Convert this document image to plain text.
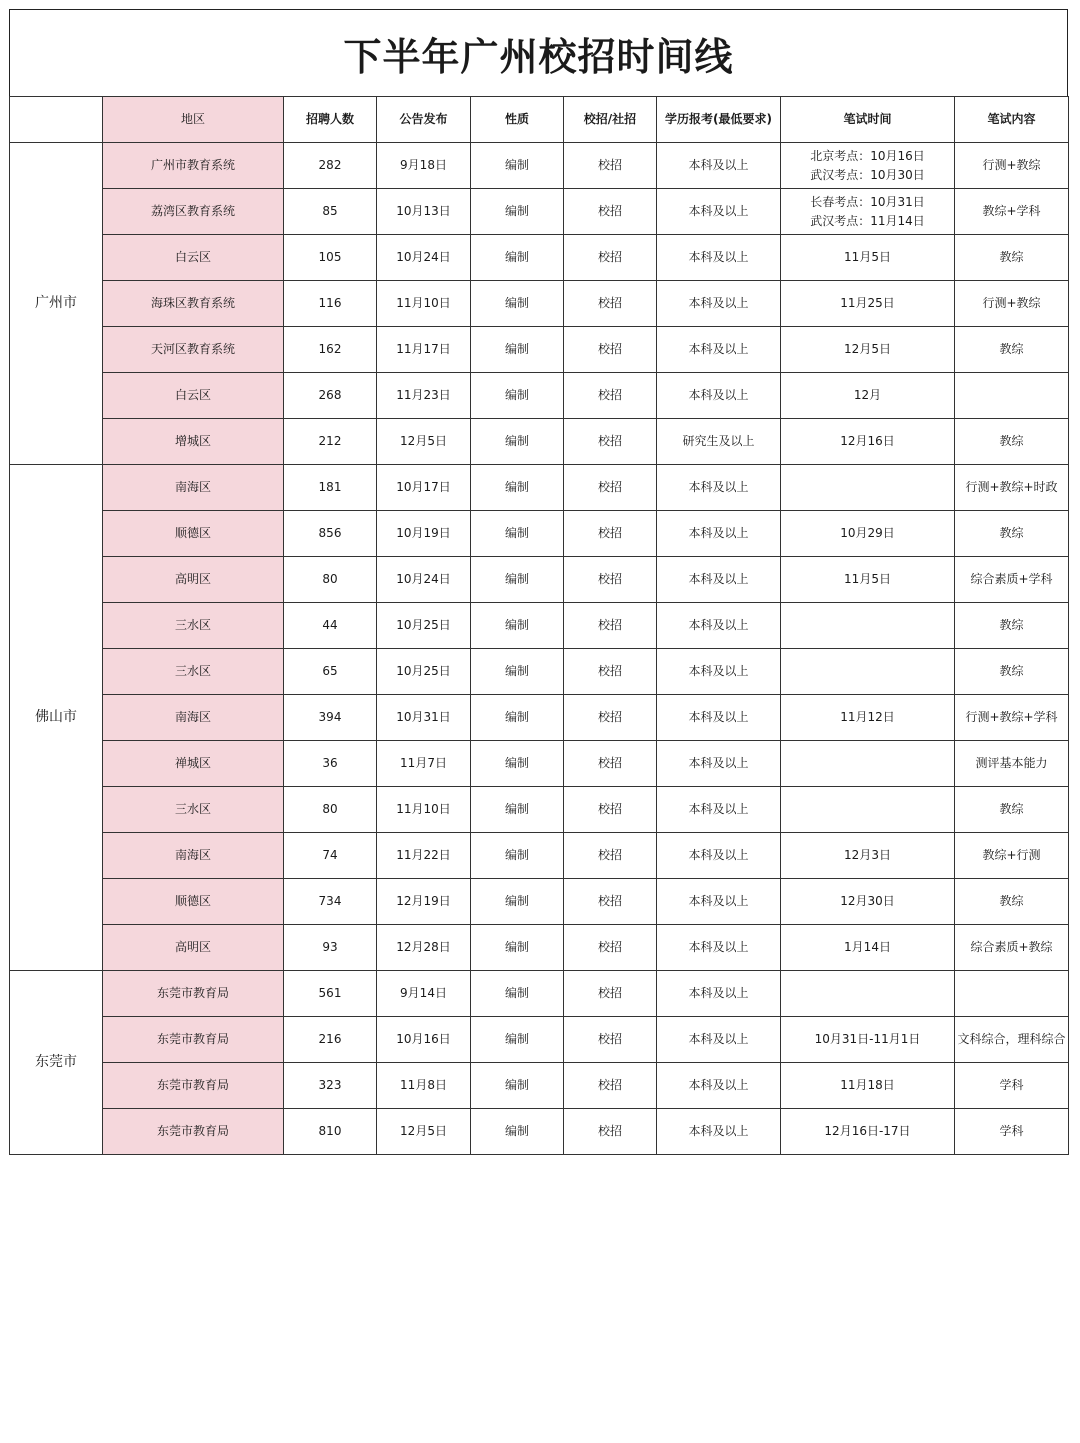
下半年广州校招时间线
	地区	招聘人数	公告发布	性质	校招/社招	学历报考(最低要求)	笔试时间	笔试内容
广州市	广州市教育系统	282	9月18日	编制	校招	本科及以上	北京考点：10月16日
武汉考点：10月30日	行测+教综
	荔湾区教育系统	85	10月13日	编制	校招	本科及以上	长春考点：10月31日
武汉考点：11月14日	教综+学科
	白云区	105	10月24日	编制	校招	本科及以上	11月5日	教综
	海珠区教育系统	116	11月10日	编制	校招	本科及以上	11月25日	行测+教综
	天河区教育系统	162	11月17日	编制	校招	本科及以上	12月5日	教综
	白云区	268	11月23日	编制	校招	本科及以上	12月	

	增城区	212	12月5日	编制	校招	研究生及以上	12月16日	教综
佛山市	南海区	181	10月17日	编制	校招	本科及以上		行测+教综+时政
	顺德区	856	10月19日	编制	校招	本科及以上	10月29日	教综
	高明区	80	10月24日	编制	校招	本科及以上	11月5日	综合素质+学科
	三水区	44	10月25日	编制	校招	本科及以上		教综
	三水区	65	10月25日	编制	校招	本科及以上		教综
	南海区	394	10月31日	编制	校招	本科及以上	11月12日	行测+教综+学科
	禅城区	36	11月7日	编制	校招	本科及以上		测评基本能力
	三水区	80	11月10日	编制	校招	本科及以上		教综
	南海区	74	11月22日	编制	校招	本科及以上	12月3日	教综+行测
	顺德区	734	12月19日	编制	校招	本科及以上	12月30日	教综
	高明区	93	12月28日	编制	校招	本科及以上	1月14日	综合素质+教综
东莞市	东莞市教育局	561	9月14日	编制	校招	本科及以上	

	东莞市教育局	216	10月16日	编制	校招	本科及以上	10月31日-11月1日	文科综合，理科综合
	东莞市教育局	323	11月8日	编制	校招	本科及以上	11月18日	学科
	东莞市教育局	810	12月5日	编制	校招	本科及以上	12月16日-17日	学科
